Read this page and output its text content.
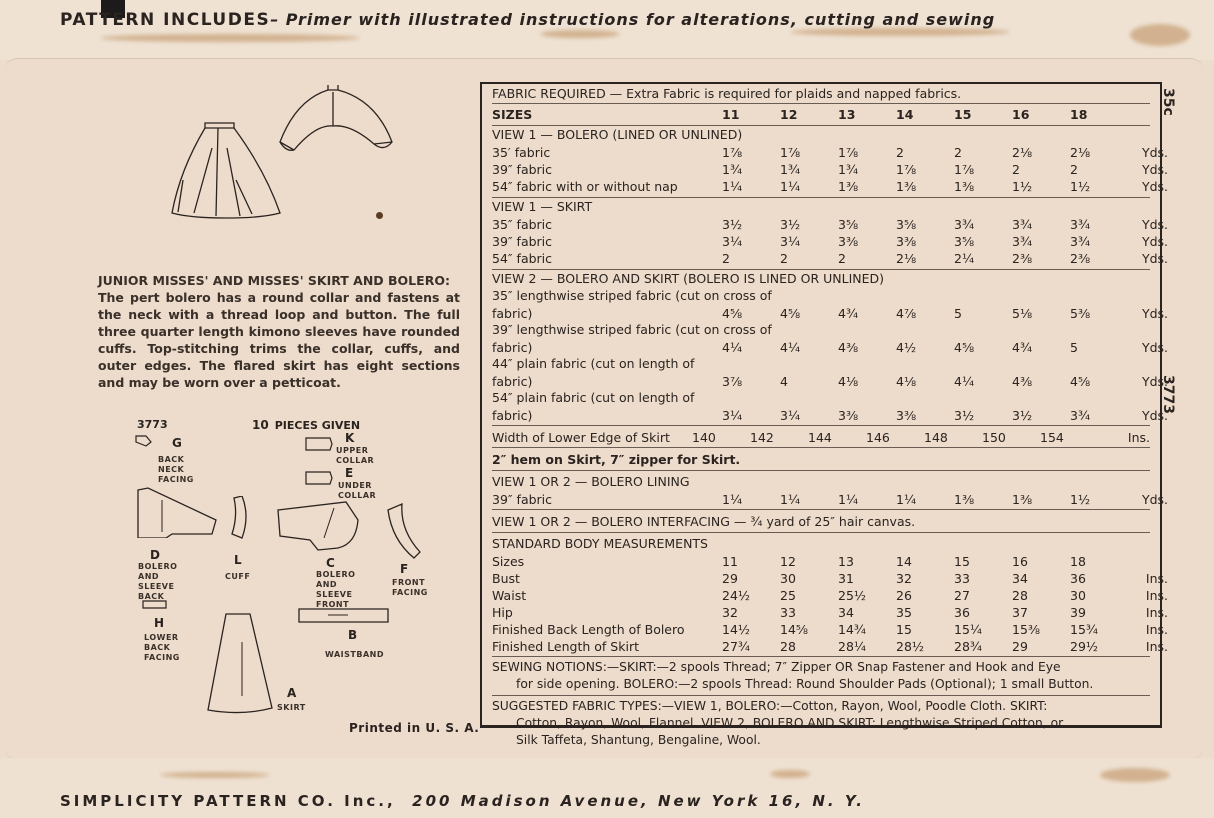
PATTERN INCLUDES– Primer with illustrated instructions for alterations, cutting and sewing
35c
3773
JUNIOR MISSES' AND MISSES' SKIRT AND BOLERO:
The pert bolero has a round collar and fastens at the neck with a thread loop and button. The full three quarter length kimono sleeves have rounded cuffs. Top-stitching trims the collar, cuffs, and outer edges. The flared skirt has eight sections and may be worn over a petticoat.
3773	10 PIECES GIVEN
G
BACK NECK FACING
K
UPPER COLLAR
E
UNDER COLLAR
D
BOLERO AND SLEEVE BACK
L
CUFF
C
BOLERO AND SLEEVE FRONT
F
FRONT FACING
H
LOWER BACK FACING
B
WAISTBAND
A
SKIRT
Printed in U. S. A.
FABRIC REQUIRED — Extra Fabric is required for plaids and napped fabrics.
SIZES	11	12	13	14	15	16	18
VIEW 1 — BOLERO (LINED OR UNLINED)
35′ fabric	1⅞	1⅞	1⅞	2	2	2⅛	2⅛	Yds.
39″ fabric	1¾	1¾	1¾	1⅞	1⅞	2	2	Yds.
54″ fabric with or without nap	1¼	1¼	1⅜	1⅜	1⅜	1½	1½	Yds.
VIEW 1 — SKIRT
35″ fabric	3½	3½	3⅝	3⅝	3¾	3¾	3¾	Yds.
39″ fabric	3¼	3¼	3⅜	3⅜	3⅝	3¾	3¾	Yds.
54″ fabric	2	2	2	2⅛	2¼	2⅜	2⅜	Yds.
VIEW 2 — BOLERO AND SKIRT (BOLERO IS LINED OR UNLINED)
35″ lengthwise striped fabric (cut on cross of
fabric)	4⅝	4⅝	4¾	4⅞	5	5⅛	5⅜	Yds.
39″ lengthwise striped fabric (cut on cross of
fabric)	4¼	4¼	4⅜	4½	4⅝	4¾	5	Yds.
44″ plain fabric (cut on length of
fabric)	3⅞	4	4⅛	4⅛	4¼	4⅜	4⅝	Yds.
54″ plain fabric (cut on length of
fabric)	3¼	3¼	3⅜	3⅜	3½	3½	3¾	Yds.
Width of Lower Edge of Skirt	140	142	144	146	148	150	154	Ins.
2″ hem on Skirt, 7″ zipper for Skirt.
VIEW 1 OR 2 — BOLERO LINING
39″ fabric	1¼	1¼	1¼	1¼	1⅜	1⅜	1½	Yds.
VIEW 1 OR 2 — BOLERO INTERFACING — ¾ yard of 25″ hair canvas.
STANDARD BODY MEASUREMENTS
Sizes	11	12	13	14	15	16	18
Bust	29	30	31	32	33	34	36	Ins.
Waist	24½	25	25½	26	27	28	30	Ins.
Hip	32	33	34	35	36	37	39	Ins.
Finished Back Length of Bolero	14½	14⅝	14¾	15	15¼	15⅜	15¾	Ins.
Finished Length of Skirt	27¾	28	28¼	28½	28¾	29	29½	Ins.
SEWING NOTIONS:—SKIRT:—2 spools Thread; 7″ Zipper OR Snap Fastener and Hook and Eye
for side opening. BOLERO:—2 spools Thread: Round Shoulder Pads (Optional); 1 small Button.
SUGGESTED FABRIC TYPES:—VIEW 1, BOLERO:—Cotton, Rayon, Wool, Poodle Cloth. SKIRT:
Cotton, Rayon, Wool, Flannel. VIEW 2, BOLERO AND SKIRT: Lengthwise Striped Cotton, or
Silk Taffeta, Shantung, Bengaline, Wool.
SIMPLICITY PATTERN CO. Inc., 200 Madison Avenue, New York 16, N. Y.
